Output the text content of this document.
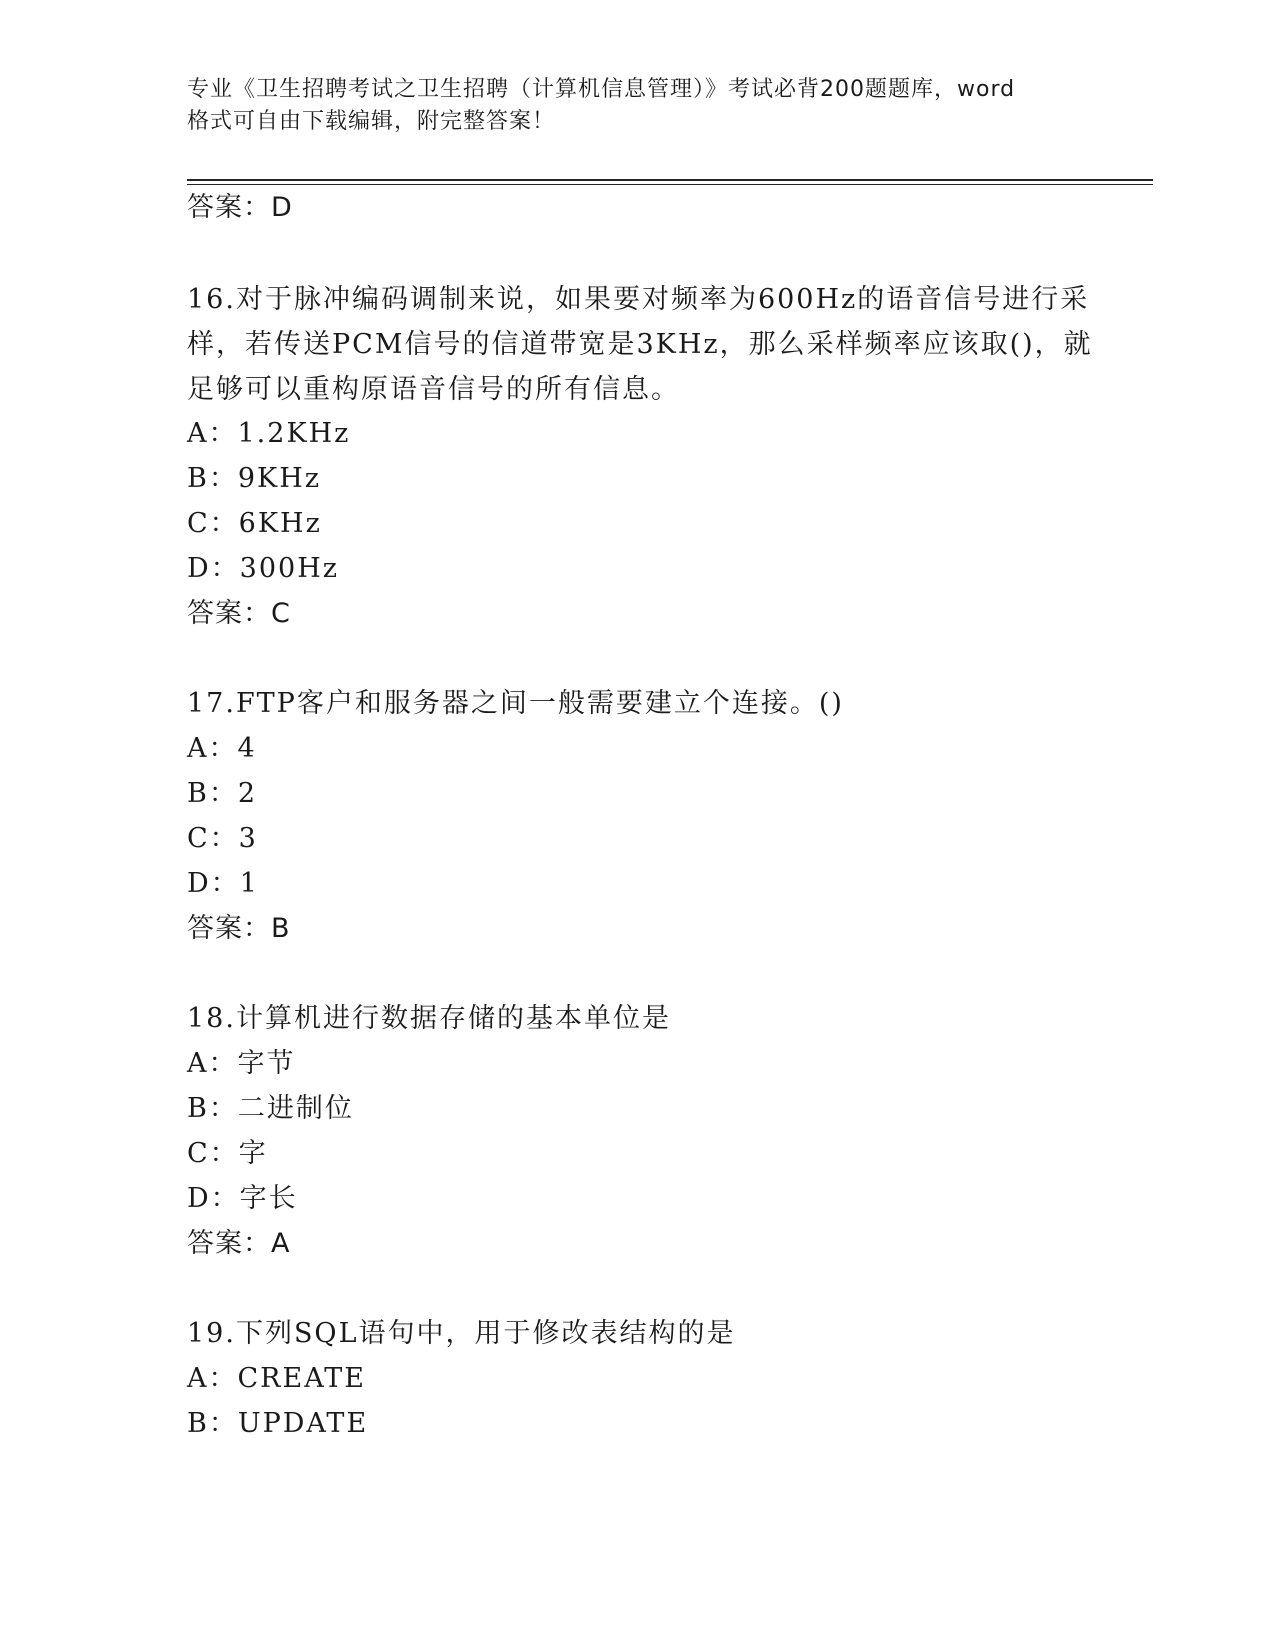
专业《卫生招聘考试之卫生招聘（计算机信息管理）》考试必背200题题库，word
格式可自由下载编辑，附完整答案！
答案：D
16.对于脉冲编码调制来说，如果要对频率为600Hz的语音信号进行采
样，若传送PCM信号的信道带宽是3KHz，那么采样频率应该取()，就
足够可以重构原语音信号的所有信息。
A：1.2KHz
B：9KHz
C：6KHz
D：300Hz
答案：C
17.FTP客户和服务器之间一般需要建立个连接。()
A：4
B：2
C：3
D：1
答案：B
18.计算机进行数据存储的基本单位是
A：字节
B：二进制位
C：字
D：字长
答案：A
19.下列SQL语句中，用于修改表结构的是
A：CREATE
B：UPDATE
